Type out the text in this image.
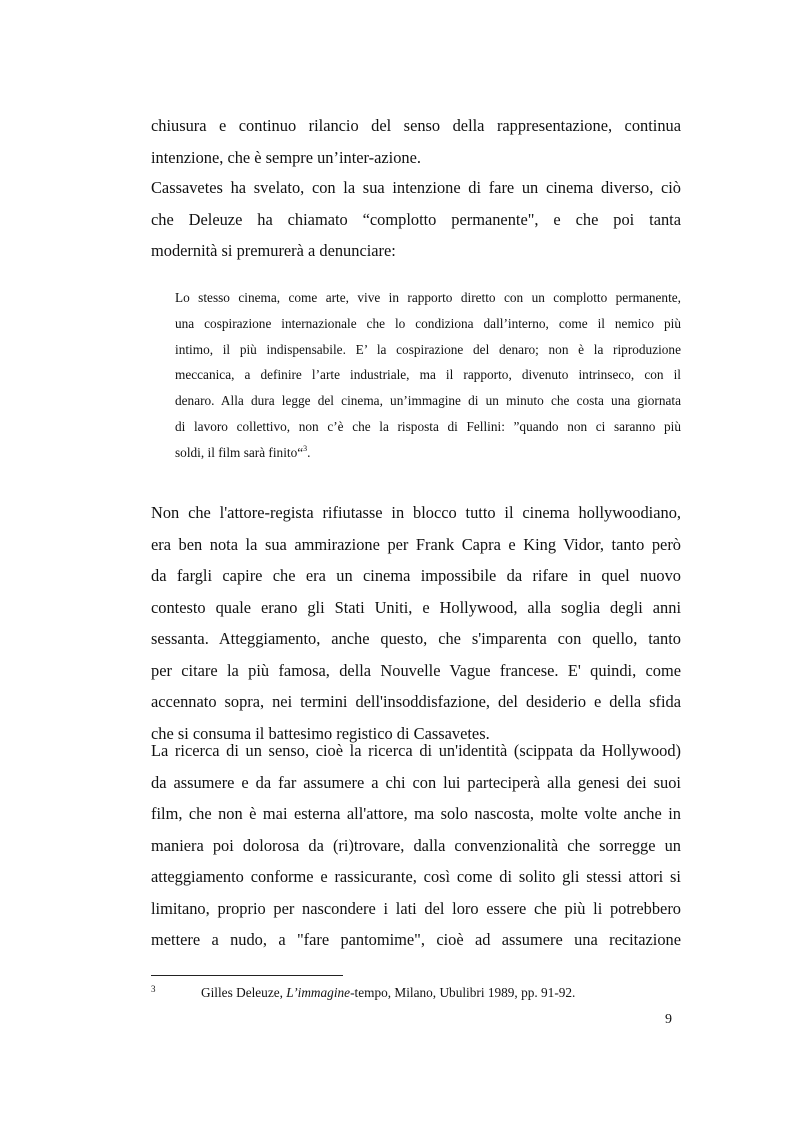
chiusura e continuo rilancio del senso della rappresentazione, continua
intenzione, che è sempre un’inter-azione.
Cassavetes ha svelato, con la sua intenzione di fare un cinema diverso, ciò
che Deleuze ha chiamato “complotto permanente", e che poi tanta
modernità si premurerà a denunciare:
Lo stesso cinema, come arte, vive in rapporto diretto con un complotto permanente,
una cospirazione internazionale che lo condiziona dall’interno, come il nemico più
intimo, il più indispensabile. E’ la cospirazione del denaro; non è la riproduzione
meccanica, a definire l’arte industriale, ma il rapporto, divenuto intrinseco, con il
denaro. Alla dura legge del cinema, un’immagine di un minuto che costa una giornata
di lavoro collettivo, non c’è che la risposta di Fellini: ”quando non ci saranno più
soldi, il film sarà finito“$^3$.
Non che l'attore-regista rifiutasse in blocco tutto il cinema hollywoodiano,
era ben nota la sua ammirazione per Frank Capra e King Vidor, tanto però
da fargli capire che era un cinema impossibile da rifare in quel nuovo
contesto quale erano gli Stati Uniti, e Hollywood, alla soglia degli anni
sessanta. Atteggiamento, anche questo, che s'imparenta con quello, tanto
per citare la più famosa, della Nouvelle Vague francese. E' quindi, come
accennato sopra, nei termini dell'insoddisfazione, del desiderio e della sfida
che si consuma il battesimo registico di Cassavetes.
La ricerca di un senso, cioè la ricerca di un'identità (scippata da Hollywood)
da assumere e da far assumere a chi con lui parteciperà alla genesi dei suoi
film, che non è mai esterna all'attore, ma solo nascosta, molte volte anche in
maniera poi dolorosa da (ri)trovare, dalla convenzionalità che sorregge un
atteggiamento conforme e rassicurante, così come di solito gli stessi attori si
limitano, proprio per nascondere i lati del loro essere che più li potrebbero
mettere a nudo, a "fare pantomime", cioè ad assumere una recitazione
3	Gilles Deleuze, L’immagine-tempo, Milano, Ubulibri 1989, pp. 91-92.
9
